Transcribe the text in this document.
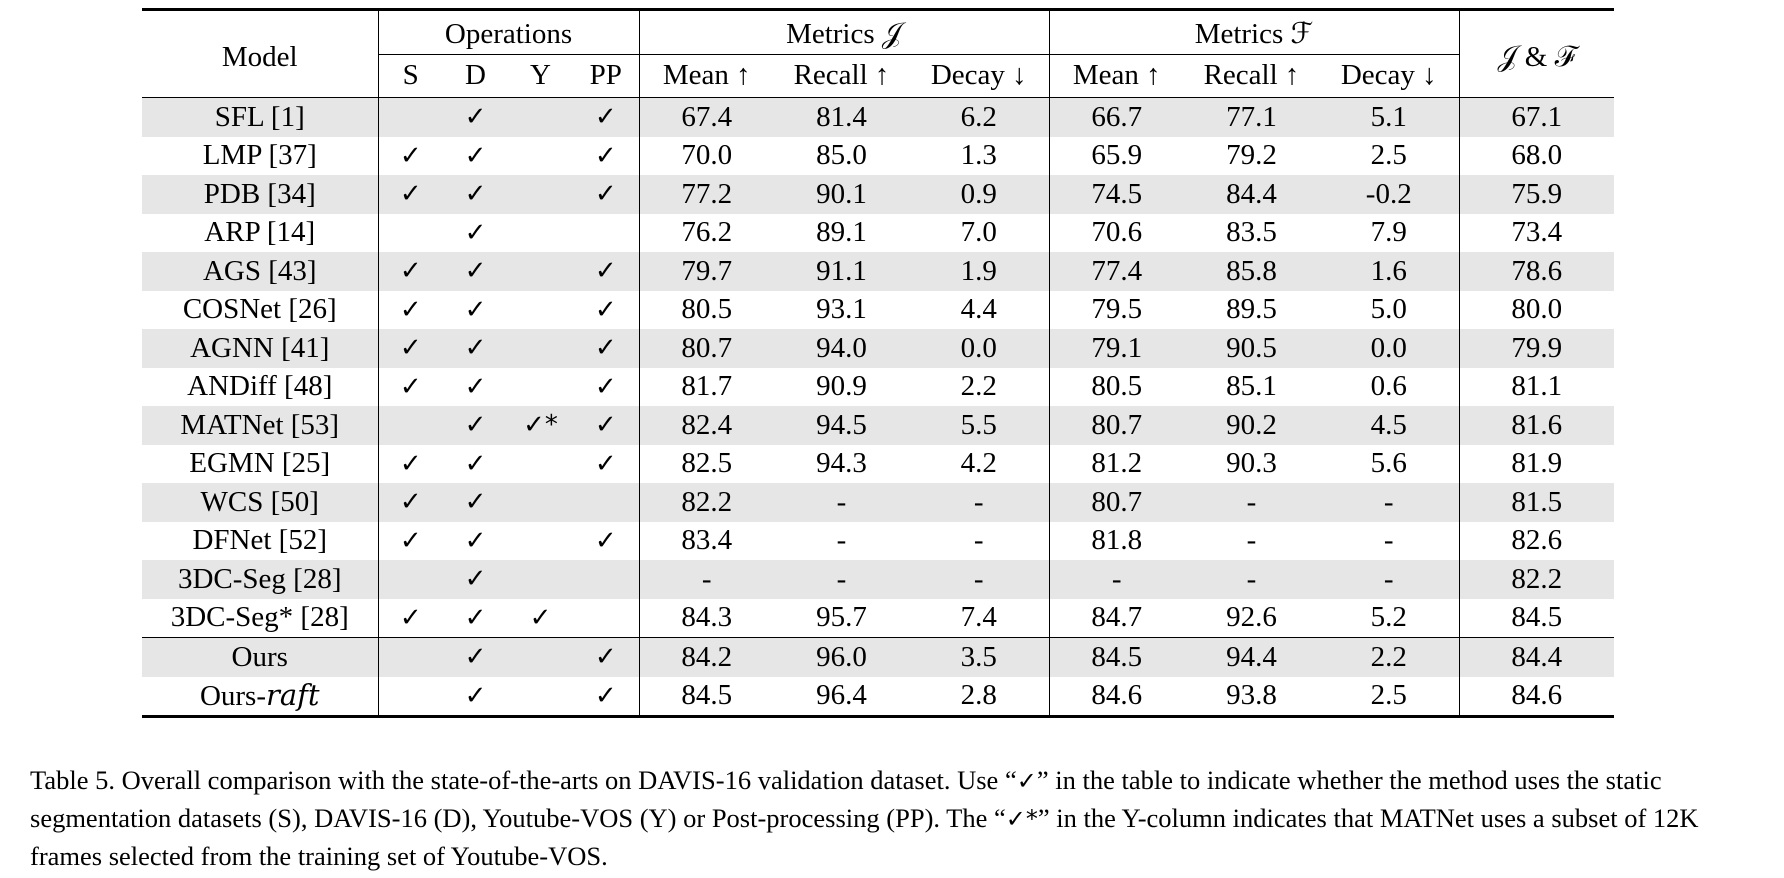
Model	Operations				Metrics 𝒥			Metrics ℱ			𝒥 & ℱ
	S	D	Y	PP	Mean ↑	Recall ↑	Decay ↓	Mean ↑	Recall ↑	Decay ↓	
SFL [1]		✓		✓	67.4	81.4	6.2	66.7	77.1	5.1	67.1
LMP [37]	✓	✓		✓	70.0	85.0	1.3	65.9	79.2	2.5	68.0
PDB [34]	✓	✓		✓	77.2	90.1	0.9	74.5	84.4	-0.2	75.9
ARP [14]		✓			76.2	89.1	7.0	70.6	83.5	7.9	73.4
AGS [43]	✓	✓		✓	79.7	91.1	1.9	77.4	85.8	1.6	78.6
COSNet [26]	✓	✓		✓	80.5	93.1	4.4	79.5	89.5	5.0	80.0
AGNN [41]	✓	✓		✓	80.7	94.0	0.0	79.1	90.5	0.0	79.9
ANDiff [48]	✓	✓		✓	81.7	90.9	2.2	80.5	85.1	0.6	81.1
MATNet [53]		✓	✓*	✓	82.4	94.5	5.5	80.7	90.2	4.5	81.6
EGMN [25]	✓	✓		✓	82.5	94.3	4.2	81.2	90.3	5.6	81.9
WCS [50]	✓	✓			82.2	-	-	80.7	-	-	81.5
DFNet [52]	✓	✓		✓	83.4	-	-	81.8	-	-	82.6
3DC-Seg [28]		✓			-	-	-	-	-	-	82.2
3DC-Seg* [28]	✓	✓	✓		84.3	95.7	7.4	84.7	92.6	5.2	84.5
Ours		✓		✓	84.2	96.0	3.5	84.5	94.4	2.2	84.4
Ours-raft		✓		✓	84.5	96.4	2.8	84.6	93.8	2.5	84.6
Table 5. Overall comparison with the state-of-the-arts on DAVIS-16 validation dataset. Use “✓” in the table to indicate whether the method uses the static segmentation datasets (S), DAVIS-16 (D), Youtube-VOS (Y) or Post-processing (PP). The “✓*” in the Y-column indicates that MATNet uses a subset of 12K frames selected from the training set of Youtube-VOS.
